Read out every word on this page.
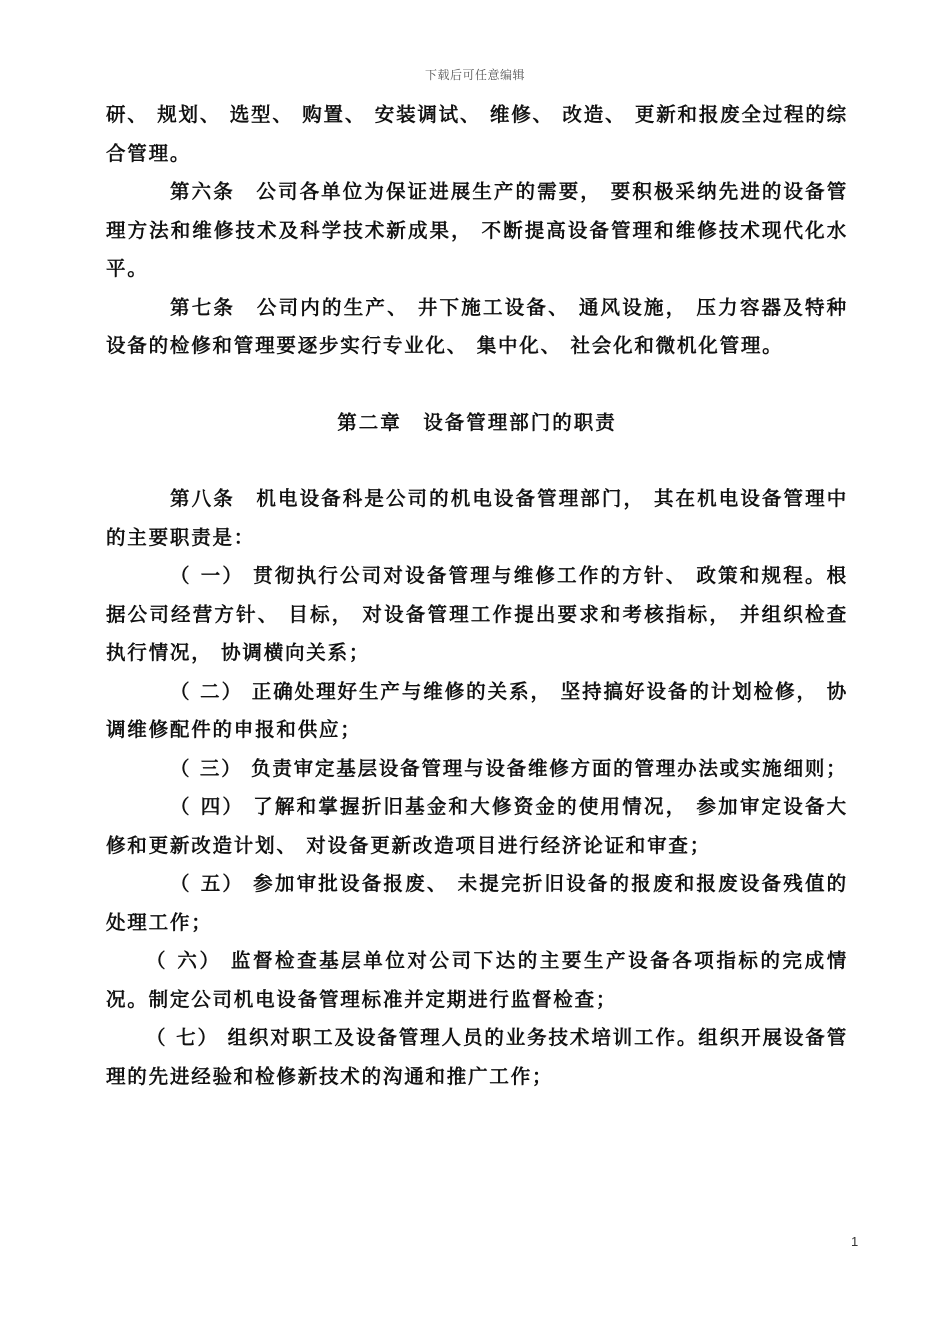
下载后可任意编辑

研、 规划、 选型、 购置、 安装调试、 维修、 改造、 更新和报废全过程的综合管理。

第六条　公司各单位为保证进展生产的需要， 要积极采纳先进的设备管理方法和维修技术及科学技术新成果， 不断提高设备管理和维修技术现代化水平。

第七条　公司内的生产、 井下施工设备、 通风设施， 压力容器及特种设备的检修和管理要逐步实行专业化、 集中化、 社会化和微机化管理。

第二章　设备管理部门的职责

第八条　机电设备科是公司的机电设备管理部门， 其在机电设备管理中的主要职责是：

（ 一） 贯彻执行公司对设备管理与维修工作的方针、 政策和规程。根据公司经营方针、 目标， 对设备管理工作提出要求和考核指标， 并组织检查执行情况， 协调横向关系；

（ 二） 正确处理好生产与维修的关系， 坚持搞好设备的计划检修， 协调维修配件的申报和供应；

（ 三） 负责审定基层设备管理与设备维修方面的管理办法或实施细则；

（ 四） 了解和掌握折旧基金和大修资金的使用情况， 参加审定设备大修和更新改造计划、 对设备更新改造项目进行经济论证和审查；

（ 五） 参加审批设备报废、 未提完折旧设备的报废和报废设备残值的处理工作；

（ 六） 监督检查基层单位对公司下达的主要生产设备各项指标的完成情况。制定公司机电设备管理标准并定期进行监督检查；

（ 七） 组织对职工及设备管理人员的业务技术培训工作。组织开展设备管理的先进经验和检修新技术的沟通和推广工作；

1
